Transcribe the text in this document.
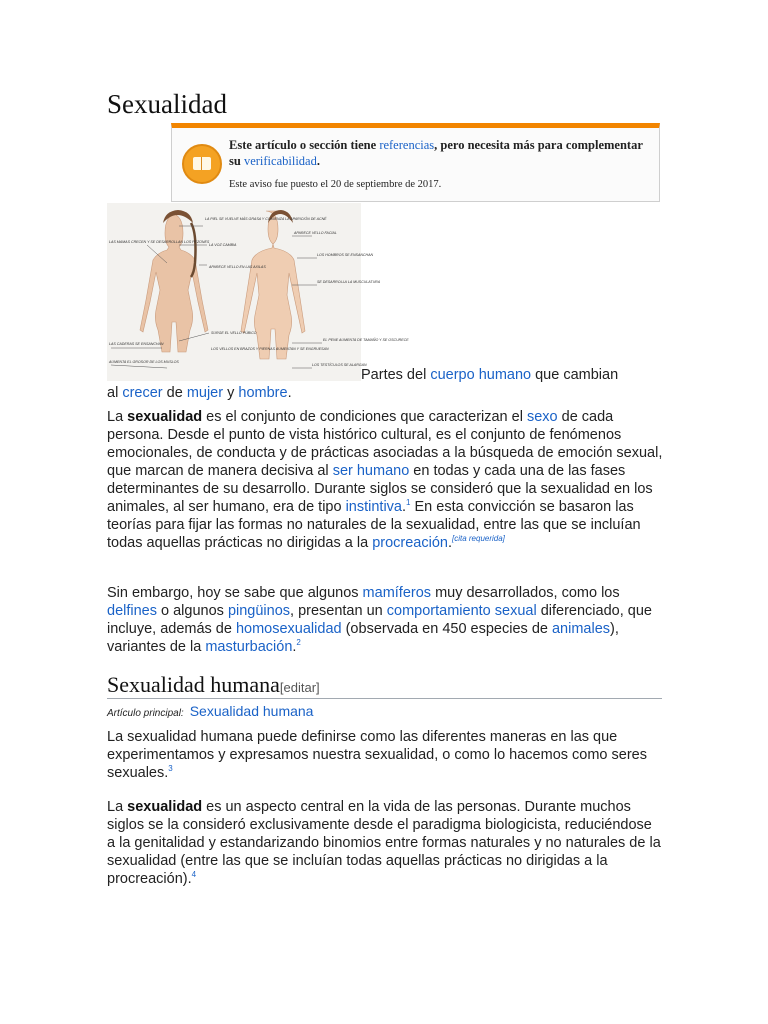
Sexualidad
Este artículo o sección tiene referencias, pero necesita más para complementar su verificabilidad.
Este aviso fue puesto el 20 de septiembre de 2017.
LA PIEL SE VUELVE MÁS GRASA Y COMIENZA LA APARICIÓN DE ACNÉ
LAS MAMAS CRECEN Y SE DESARROLLAN LOS PEZONES
LA VOZ CAMBIA
APARECE VELLO EN LAS AXILAS
SURGE EL VELLO PÚBICO
LOS VELLOS EN BRAZOS Y PIERNAS AUMENTAN Y SE ENGRUESAN
LAS CADERAS SE ENSANCHAN
AUMENTA EL GROSOR DE LOS MUSLOS
APARECE VELLO FACIAL
LOS HOMBROS SE ENSANCHAN
SE DESARROLLA LA MUSCULATURA
EL PENE AUMENTA DE TAMAÑO Y SE OSCURECE
LOS TESTÍCULOS SE ALARGAN
Partes del cuerpo humano que cambian
al crecer de mujer y hombre.
La sexualidad es el conjunto de condiciones que caracterizan el sexo de cada persona. Desde el punto de vista histórico cultural, es el conjunto de fenómenos emocionales, de conducta y de prácticas asociadas a la búsqueda de emoción sexual, que marcan de manera decisiva al ser humano en todas y cada una de las fases determinantes de su desarrollo. Durante siglos se consideró que la sexualidad en los animales, al ser humano, era de tipo instintiva.$^1$ En esta convicción se basaron las teorías para fijar las formas no naturales de la sexualidad, entre las que se incluían todas aquellas prácticas no dirigidas a la procreación.[cita requerida]
Sin embargo, hoy se sabe que algunos mamíferos muy desarrollados, como los delfines o algunos pingüinos, presentan un comportamiento sexual diferenciado, que incluye, además de homosexualidad (observada en 450 especies de animales), variantes de la masturbación.$^2$
Sexualidad humana[editar]
Artículo principal: Sexualidad humana
La sexualidad humana puede definirse como las diferentes maneras en las que experimentamos y expresamos nuestra sexualidad, o como lo hacemos como seres sexuales.$^3$
La sexualidad es un aspecto central en la vida de las personas. Durante muchos siglos se la consideró exclusivamente desde el paradigma biologicista, reduciéndose a la genitalidad y estandarizando binomios entre formas naturales y no naturales de la sexualidad (entre las que se incluían todas aquellas prácticas no dirigidas a la procreación).$^4$
